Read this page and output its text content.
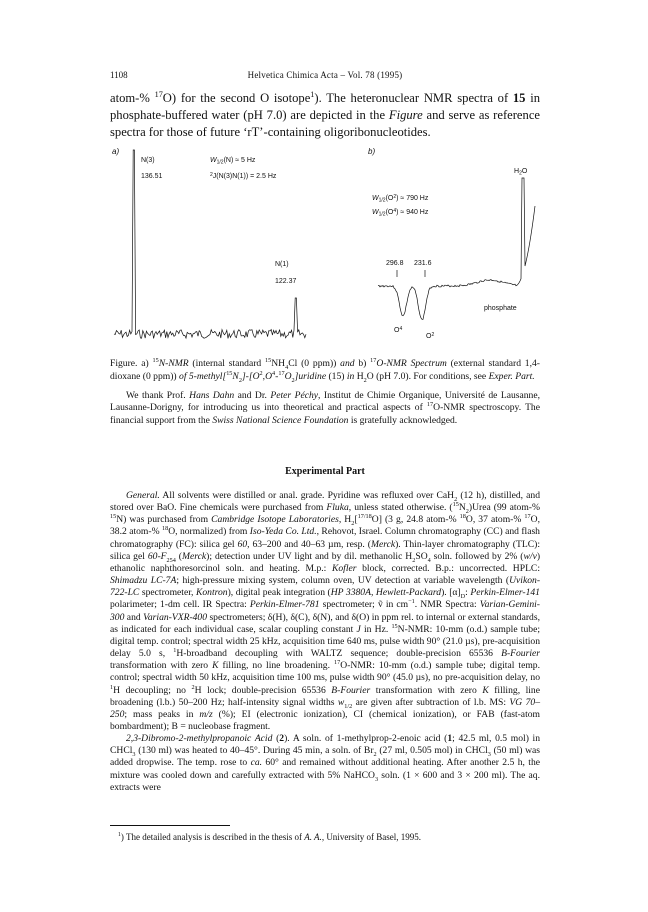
1108	Helvetica Chimica Acta – Vol. 78 (1995)

atom-% $^{17}$O) for the second O isotope$^1$). The heteronuclear NMR spectra of 15 in phosphate-buffered water (pH 7.0) are depicted in the Figure and serve as reference spectra for those of future ‘rT’-containing oligoribonucleotides.

a)
N(3)
136.51
$W_{1/2}(N) \approx 5$ Hz
$^2$J(N(3)N(1)) = 2.5 Hz
N(1)
122.37
b)
$H_2O$
$W_{1/2}(O^2) \approx 790$ Hz
$W_{1/2}(O^4) \approx 940$ Hz
296.8 231.6
phosphate
$O^4$
$O^2$

Figure. a) $^{15}$N-NMR (internal standard $^{15}NH_4Cl$ (0 ppm)) and b) $^{17}$O-NMR Spectrum (external standard 1,4-dioxane (0 ppm)) of $5-methyl[^{15}N_2]-[O^2,O^4-^{17}O_2]uridine$ (15) in $H_2O$ (pH 7.0). For conditions, see Exper. Part.

We thank Prof. Hans Dahn and Dr. Peter Péchy, Institut de Chimie Organique, Université de Lausanne, Lausanne-Dorigny, for introducing us into theoretical and practical aspects of $^{17}$O-NMR spectroscopy. The financial support from the Swiss National Science Foundation is gratefully acknowledged.

Experimental Part

General. All solvents were distilled or anal. grade. Pyridine was refluxed over CaH$_2$ (12 h), distilled, and stored over BaO. Fine chemicals were purchased from Fluka, unless stated otherwise. $(^{15}N_2)Urea$ (99 atom-% $^{15}$N) was purchased from Cambridge Isotope Laboratories, $H_2[^{17/18}O]$ (3 g, 24.8 atom-% $^{18}$O, 37 atom-% $^{17}$O, 38.2 atom-% $^{18}$O, normalized) from Iso-Yeda Co. Ltd., Rehovot, Israel. Column chromatography (CC) and flash chromatography (FC): silica gel 60, 63–200 and 40–63 µm, resp. (Merck). Thin-layer chromatography (TLC): silica gel $60-F_{254}$ (Merck); detection under UV light and by dil. methanolic $H_2SO_4$ soln. followed by 2% (w/v) ethanolic naphthoresorcinol soln. and heating. M.p.: Kofler block, corrected. B.p.: uncorrected. HPLC: Shimadzu LC-7A; high-pressure mixing system, column oven, UV detection at variable wavelength (Uvikon-722-LC spectrometer, Kontron), digital peak integration (HP 3380A, Hewlett-Packard). $[\alpha]_D$: Perkin-Elmer-141 polarimeter; 1-dm cell. IR Spectra: Perkin-Elmer-781 spectrometer; ṽ in $cm^{-1}$. NMR Spectra: Varian-Gemini-300 and Varian-VXR-400 spectrometers; δ(H), δ(C), δ(N), and δ(O) in ppm rel. to internal or external standards, as indicated for each individual case, scalar coupling constant J in Hz. $^{15}$N-NMR: 10-mm (o.d.) sample tube; digital temp. control; spectral width 25 kHz, acquisition time 640 ms, pulse width 90° (21.0 µs), pre-acquisition delay 5.0 s, $^1$H-broadband decoupling with WALTZ sequence; double-precision 65536 B-Fourier transformation with zero K filling, no line broadening. $^{17}$O-NMR: 10-mm (o.d.) sample tube; digital temp. control; spectral width 50 kHz, acquisition time 100 ms, pulse width 90° (45.0 µs), no pre-acquisition delay, no $^1$H decoupling; no $^2$H lock; double-precision 65536 B-Fourier transformation with zero K filling, line broadening (l.b.) 50–200 Hz; half-intensity signal widths $w_{1/2}$ are given after subtraction of l.b. MS: VG 70–250; mass peaks in m/z (%); EI (electronic ionization), CI (chemical ionization), or FAB (fast-atom bombardment); B = nucleobase fragment.

2,3-Dibromo-2-methylpropanoic Acid (2). A soln. of 1-methylprop-2-enoic acid (1; 42.5 ml, 0.5 mol) in CHCl$_3$ (130 ml) was heated to 40–45°. During 45 min, a soln. of $Br_2$ (27 ml, 0.505 mol) in CHCl$_3$ (50 ml) was added dropwise. The temp. rose to ca. 60° and remained without additional heating. After another 2.5 h, the mixture was cooled down and carefully extracted with 5% NaHCO$_3$ soln. (1 × 600 and 3 × 200 ml). The aq. extracts were

$^1$) The detailed analysis is described in the thesis of A. A., University of Basel, 1995.
